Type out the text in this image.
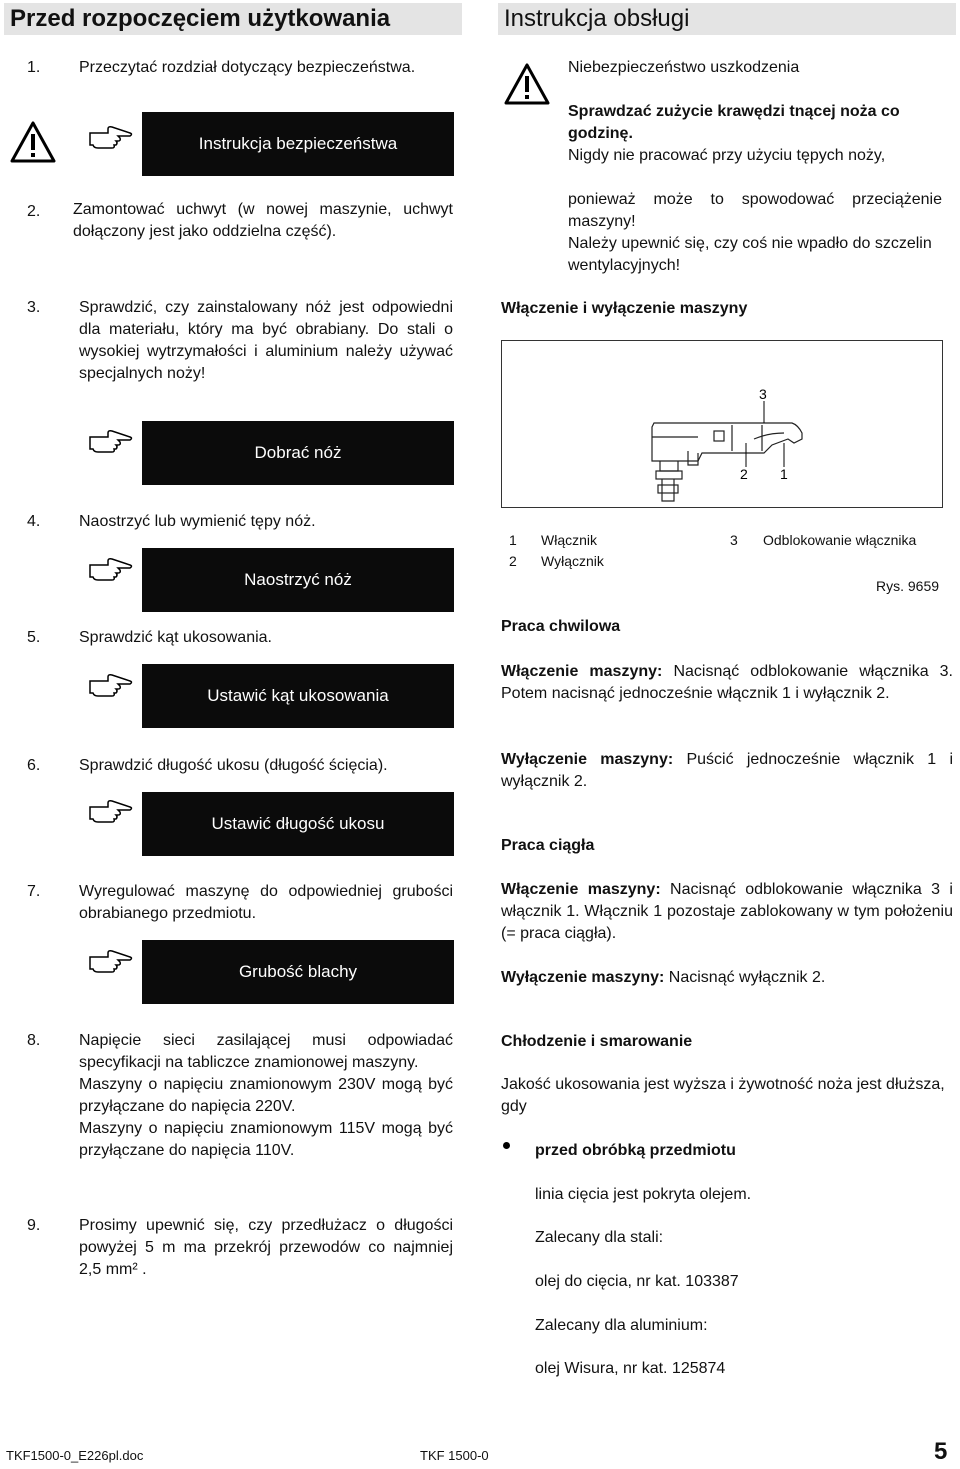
Przed rozpoczęciem użytkowania	Instrukcja obsługi
1. Przeczytać rozdział dotyczący bezpieczeństwa.

Instrukcja bezpieczeństwa
2. Zamontować uchwyt (w nowej maszynie, uchwyt dołączony jest jako oddzielna część).

3. Sprawdzić, czy zainstalowany nóż jest odpowiedni dla materiału, który ma być obrabiany. Do stali o wysokiej wytrzymałości i aluminium należy używać specjalnych noży!

Dobrać nóż
4. Naostrzyć lub wymienić tępy nóż.

Naostrzyć nóż
5. Sprawdzić kąt ukosowania.

Ustawić kąt ukosowania
6. Sprawdzić długość ukosu (długość ścięcia).

Ustawić długość ukosu
7. Wyregulować maszynę do odpowiedniej grubości obrabianego przedmiotu.

Grubość blachy
8. Napięcie sieci zasilającej musi odpowiadać specyfikacji na tabliczce znamionowej maszyny.
Maszyny o napięciu znamionowym 230V mogą być przyłączane do napięcia 220V.
Maszyny o napięciu znamionowym 115V mogą być przyłączane do napięcia 110V.

9. Prosimy upewnić się, czy przedłużacz o długości powyżej 5 m ma przekrój przewodów co najmniej 2,5 mm² .

Niebezpieczeństwo uszkodzenia

Sprawdzać zużycie krawędzi tnącej noża co godzinę.

Nigdy nie pracować przy użyciu tępych noży,

ponieważ może to spowodować przeciążenie maszyny!

Należy upewnić się, czy coś nie wpadło do szczelin wentylacyjnych!

Włączenie i wyłączenie maszyny

3
2 1
1 Włącznik
2 Wyłącznik
3 Odblokowanie włącznika
Rys. 9659

Praca chwilowa

Włączenie maszyny: Nacisnąć odblokowanie włącznika 3. Potem nacisnąć jednocześnie włącznik 1 i wyłącznik 2.

Wyłączenie maszyny: Puścić jednocześnie włącznik 1 i wyłącznik 2.

Praca ciągła

Włączenie maszyny: Nacisnąć odblokowanie włącznika 3 i włącznik 1. Włącznik 1 pozostaje zablokowany w tym położeniu (= praca ciągła).

Wyłączenie maszyny: Nacisnąć wyłącznik 2.

Chłodzenie i smarowanie

Jakość ukosowania jest wyższa i żywotność noża jest dłuższa, gdy

przed obróbką przedmiotu

linia cięcia jest pokryta olejem.

Zalecany dla stali:

olej do cięcia, nr kat. 103387

Zalecany dla aluminium:

olej Wisura, nr kat. 125874

TKF1500-0_E226pl.doc	TKF 1500-0	5
